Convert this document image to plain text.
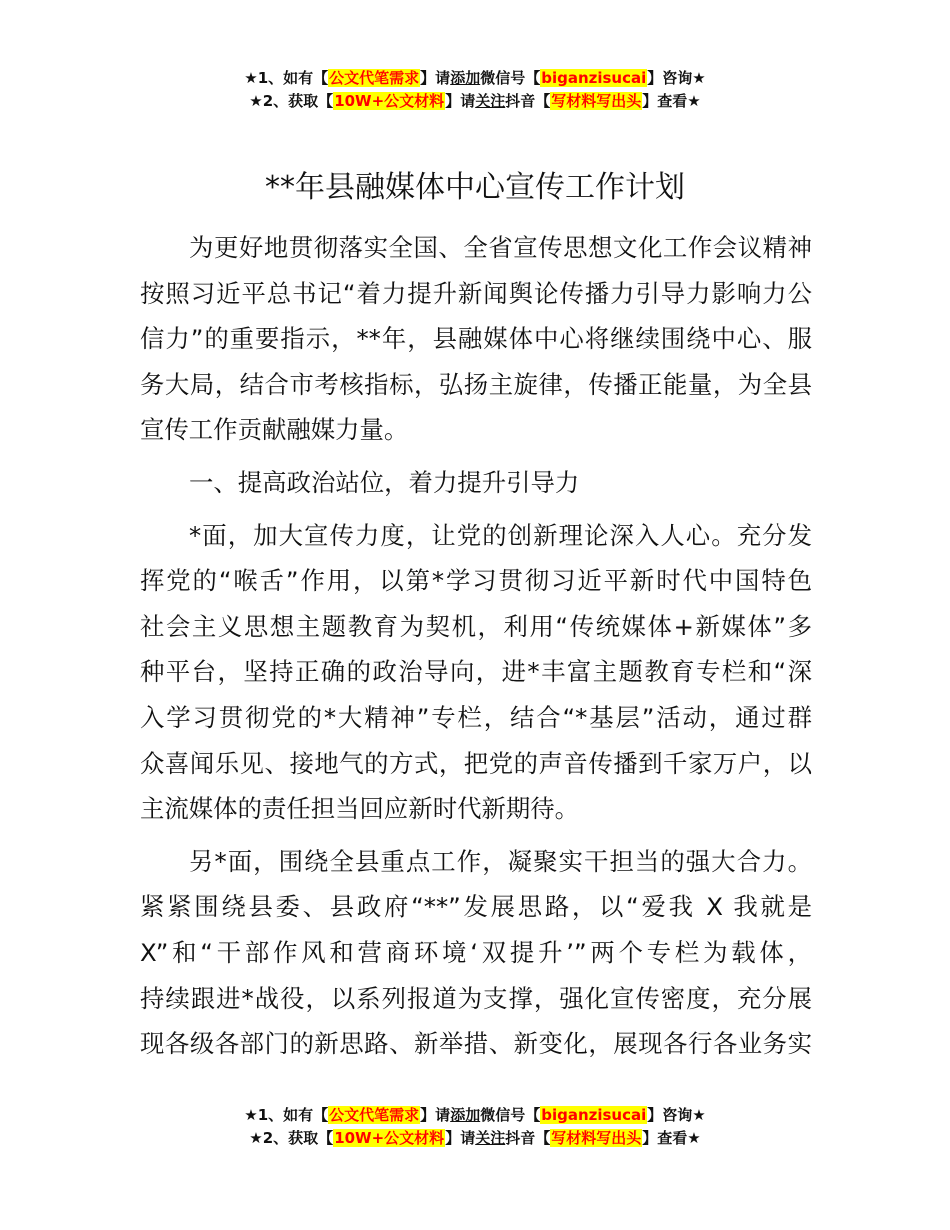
★1、如有【公文代笔需求】请添加微信号【biganzisucai】咨询★
★2、获取【10W+公文材料】请关注抖音【写材料写出头】查看★
**年县融媒体中心宣传工作计划

为更好地贯彻落实全国、全省宣传思想文化工作会议精神
按照习近平总书记“着力提升新闻舆论传播力引导力影响力公
信力”的重要指示，**年，县融媒体中心将继续围绕中心、服
务大局，结合市考核指标，弘扬主旋律，传播正能量，为全县
宣传工作贡献融媒力量。

一、提高政治站位，着力提升引导力

*面，加大宣传力度，让党的创新理论深入人心。充分发
挥党的“喉舌”作用，以第*学习贯彻习近平新时代中国特色
社会主义思想主题教育为契机，利用“传统媒体+新媒体”多
种平台，坚持正确的政治导向，进*丰富主题教育专栏和“深
入学习贯彻党的*大精神”专栏，结合“*基层”活动，通过群
众喜闻乐见、接地气的方式，把党的声音传播到千家万户，以
主流媒体的责任担当回应新时代新期待。

另*面，围绕全县重点工作，凝聚实干担当的强大合力。
紧紧围绕县委、县政府“**”发展思路，以“爱我 X 我就是
X”和“干部作风和营商环境‘双提升’”两个专栏为载体，
持续跟进*战役，以系列报道为支撑，强化宣传密度，充分展
现各级各部门的新思路、新举措、新变化，展现各行各业务实

★1、如有【公文代笔需求】请添加微信号【biganzisucai】咨询★
★2、获取【10W+公文材料】请关注抖音【写材料写出头】查看★
